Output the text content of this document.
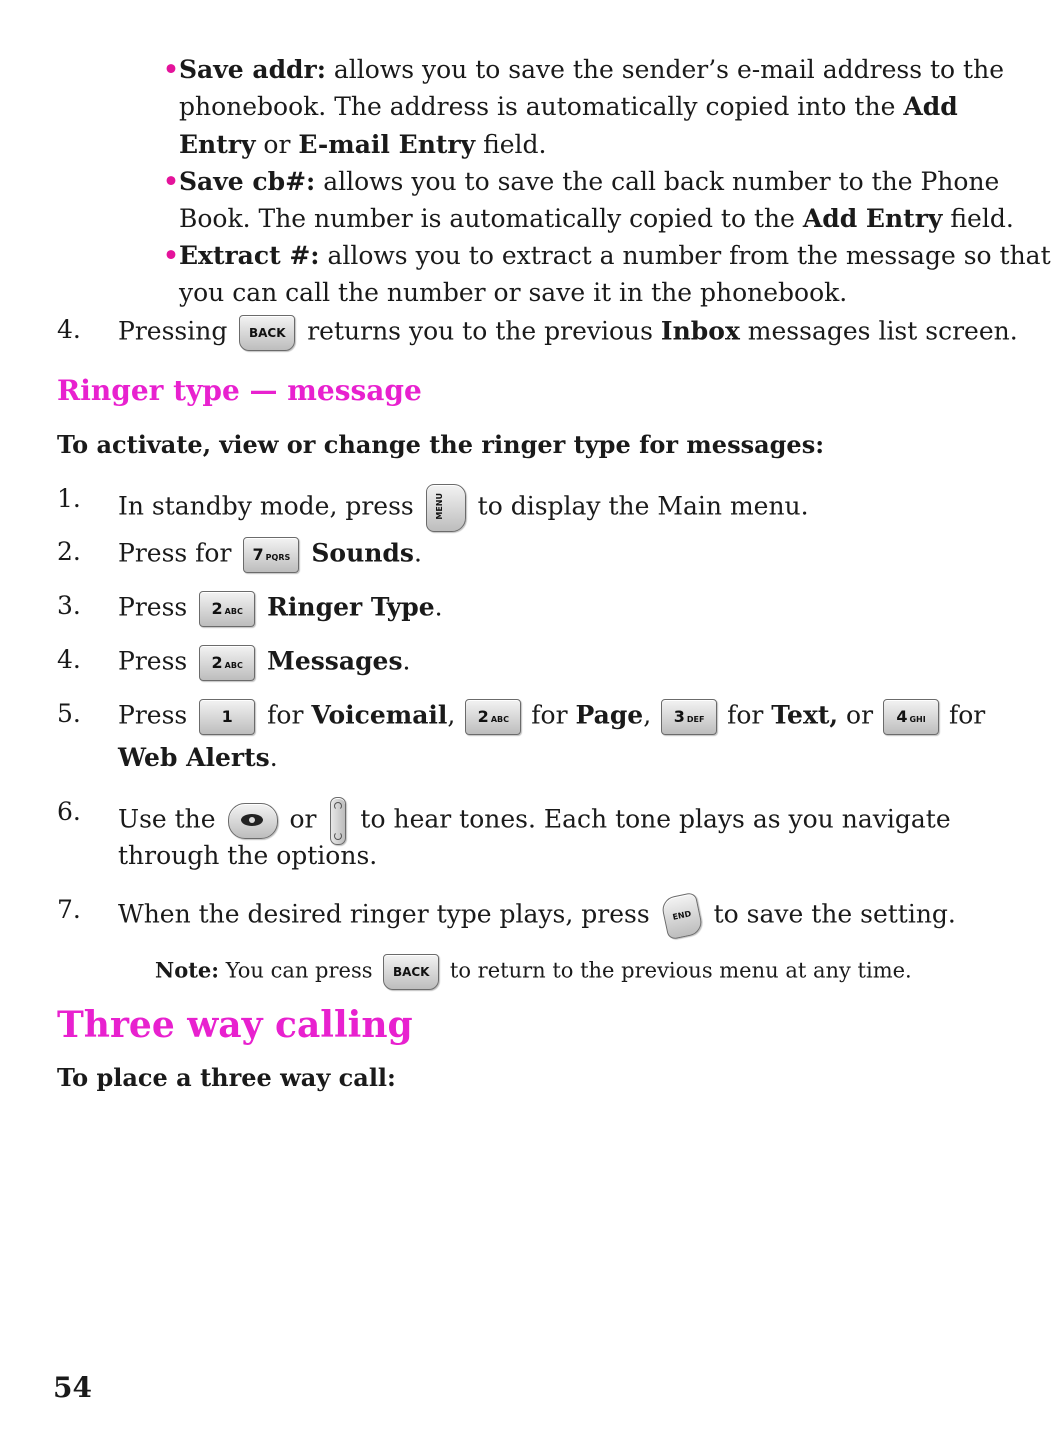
•Save addr: allows you to save the sender’s e-mail address to the
phonebook. The address is automatically copied into the Add
Entry or E-mail Entry field.
•Save cb#: allows you to save the call back number to the Phone
Book. The number is automatically copied to the Add Entry field.
•Extract #: allows you to extract a number from the message so that
you can call the number or save it in the phonebook.
4. Pressing BACK returns you to the previous Inbox messages list screen.
Ringer type — message
To activate, view or change the ringer type for messages:
1. In standby mode, press	MENU to display the Main menu.
2. Press for 7 PQRS Sounds.
3. Press 2 ABC Ringer Type.
4. Press 2 ABC Messages.
5. Press 1 for Voicemail, 2 ABC for Page, 3 DEF for Text, or 4 GHI for
Web Alerts.
6. Use the	or to hear tones. Each tone plays as you navigate
through the options.
7. When the desired ringer type plays, press	END to save the setting.
Note: You can press BACK to return to the previous menu at any time.
Three way calling
To place a three way call:
54
